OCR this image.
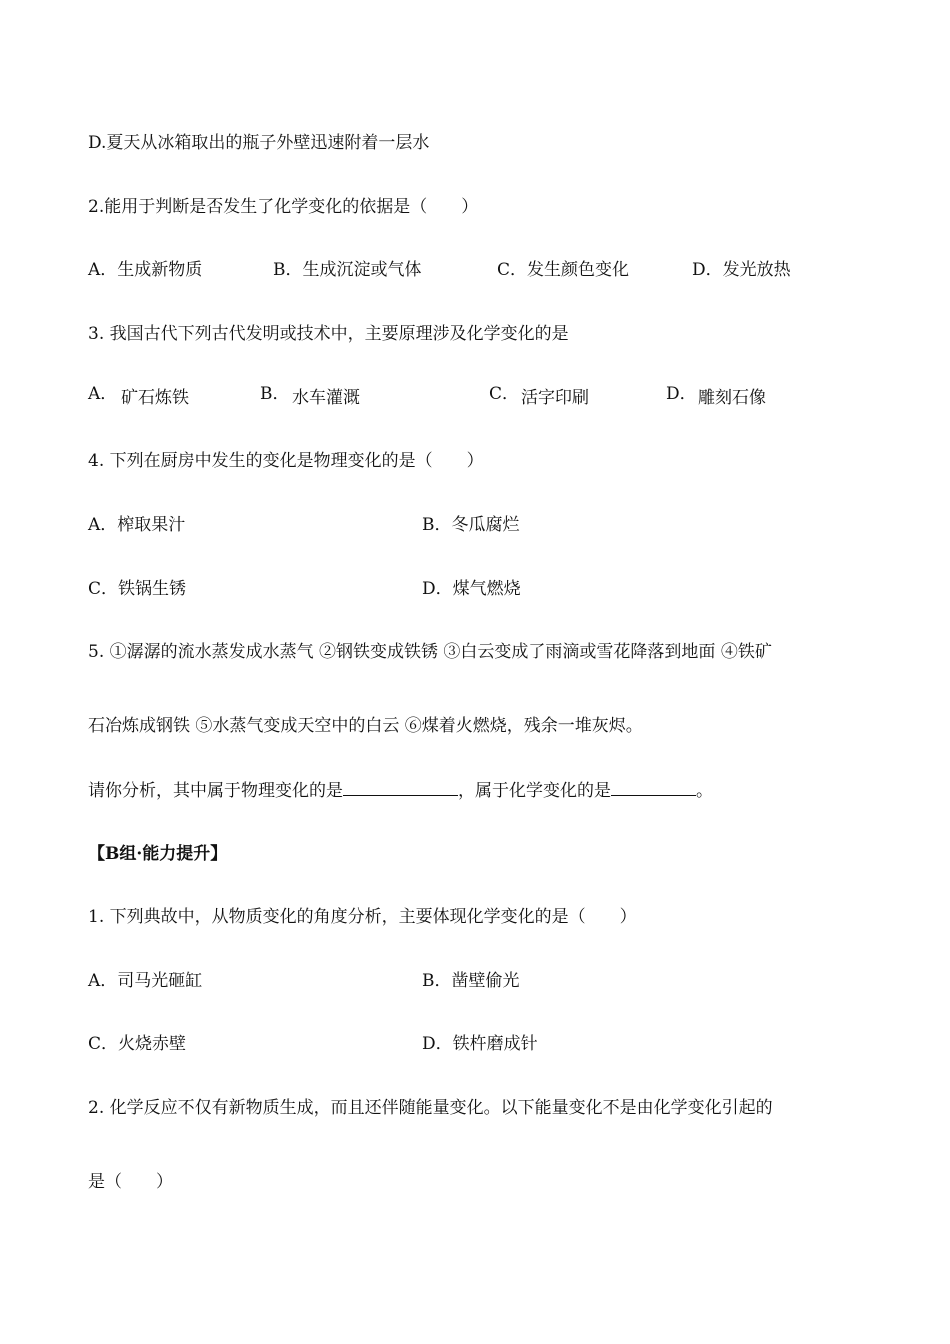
D.夏天从冰箱取出的瓶子外壁迅速附着一层水
2.能用于判断是否发生了化学变化的依据是（　　）
A．生成新物质	B．生成沉淀或气体	C．发生颜色变化	D．发光放热
3. 我国古代下列古代发明或技术中，主要原理涉及化学变化的是
A． 矿石炼铁	B． 水车灌溉	C． 活字印刷	D． 雕刻石像
4. 下列在厨房中发生的变化是物理变化的是（　　）
A．榨取果汁	B．冬瓜腐烂
C．铁锅生锈	D．煤气燃烧
5. ①潺潺的流水蒸发成水蒸气 ②钢铁变成铁锈 ③白云变成了雨滴或雪花降落到地面 ④铁矿
石冶炼成钢铁 ⑤水蒸气变成天空中的白云 ⑥煤着火燃烧，残余一堆灰烬。
请你分析，其中属于物理变化的是	，属于化学变化的是	。
【B组·能力提升】
1. 下列典故中，从物质变化的角度分析，主要体现化学变化的是（　　）
A．司马光砸缸	B．凿壁偷光
C．火烧赤壁	D．铁杵磨成针
2. 化学反应不仅有新物质生成，而且还伴随能量变化。以下能量变化不是由化学变化引起的
是（　　）
